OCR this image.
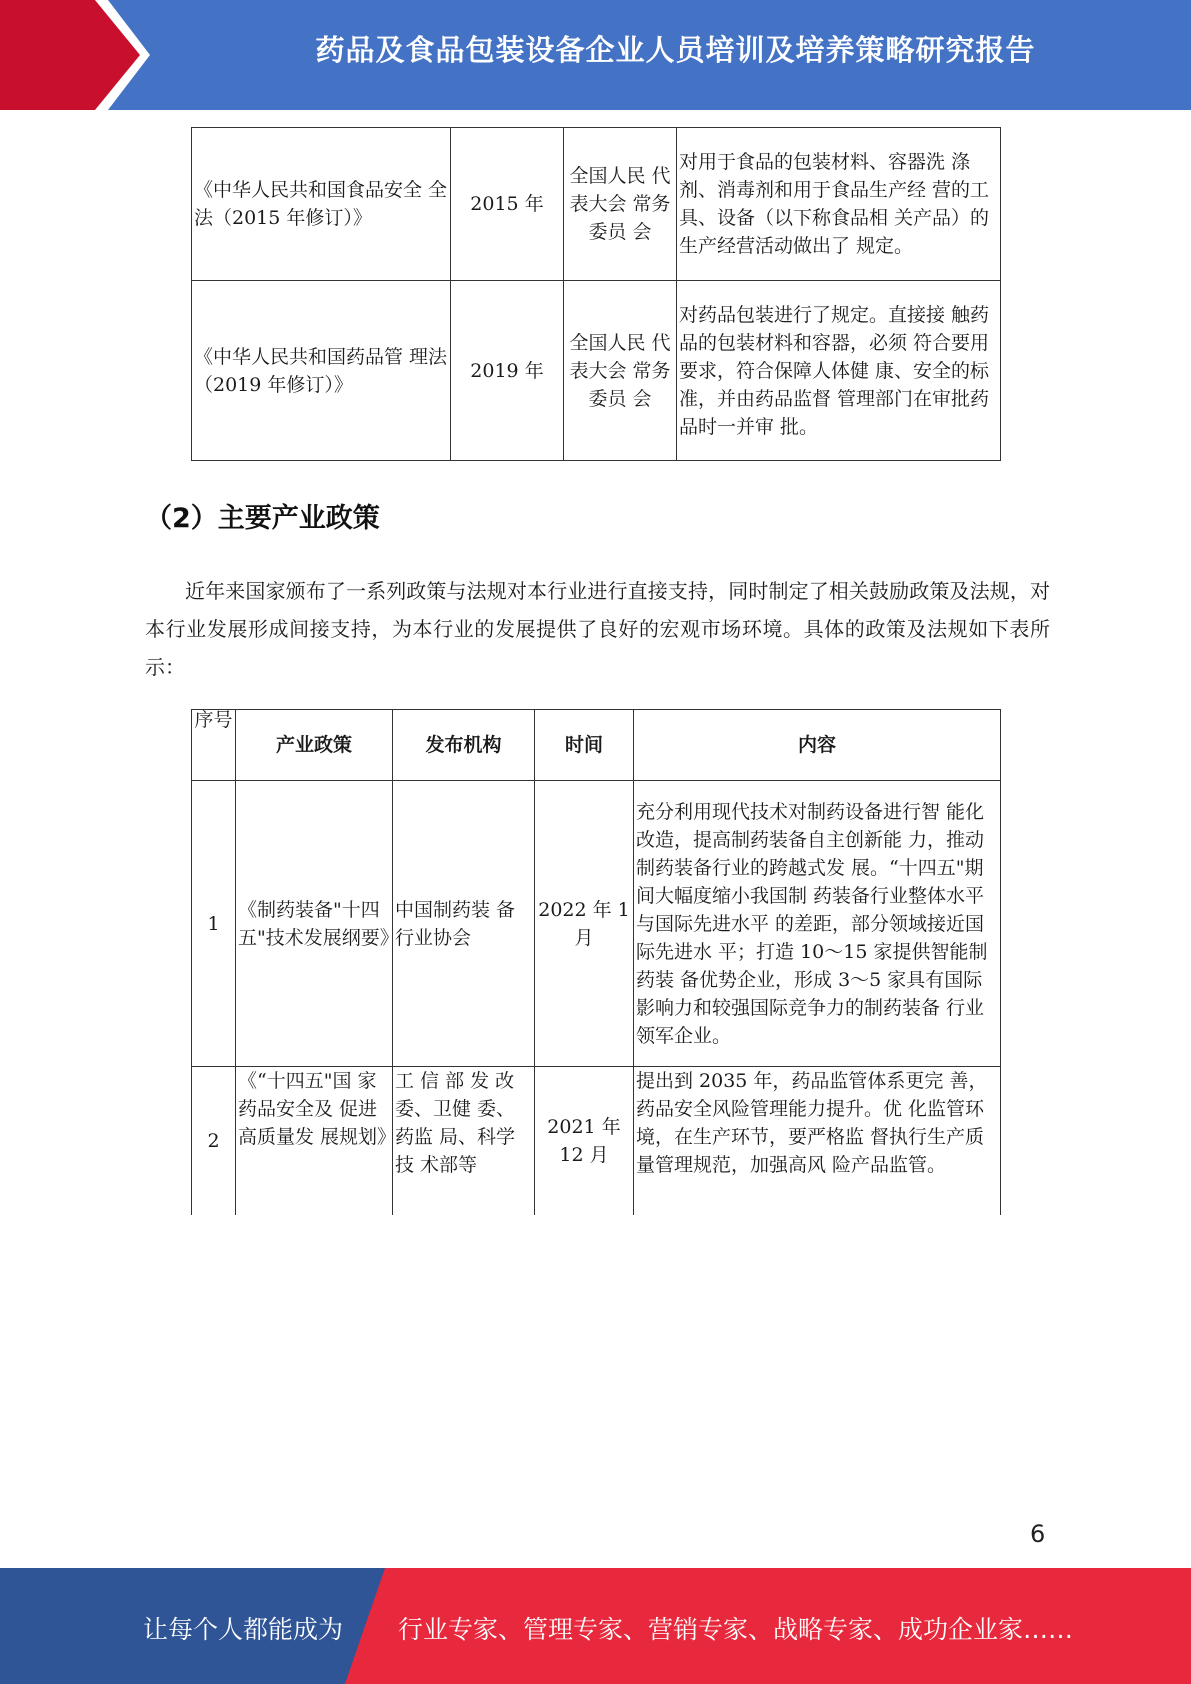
药品及食品包装设备企业人员培训及培养策略研究报告
《中华人民共和国食品安全 全法（2015 年修订）》	2015 年	全国人民 代表大会 常务委员 会	对用于食品的包装材料、容器洗 涤剂、消毒剂和用于食品生产经 营的工具、设备（以下称食品相 关产品）的生产经营活动做出了 规定。
《中华人民共和国药品管 理法（2019 年修订）》	2019 年	全国人民 代表大会 常务委员 会	对药品包装进行了规定。直接接 触药品的包装材料和容器，必须 符合要用要求，符合保障人体健 康、安全的标准，并由药品监督 管理部门在审批药品时一并审 批。
（2）主要产业政策
近年来国家颁布了一系列政策与法规对本行业进行直接支持，同时制定了相关鼓励政策及法规，对本行业发展形成间接支持，为本行业的发展提供了良好的宏观市场环境。具体的政策及法规如下表所示：
序号	产业政策	发布机构	时间	内容
1	《制药装备"十四五"技术发展纲要》	中国制药装 备行业协会	2022 年 1 月	充分利用现代技术对制药设备进行智 能化改造，提高制药装备自主创新能 力，推动制药装备行业的跨越式发 展。“十四五"期间大幅度缩小我国制 药装备行业整体水平与国际先进水平 的差距，部分领域接近国际先进水 平；打造 10～15 家提供智能制药装 备优势企业，形成 3～5 家具有国际 影响力和较强国际竞争力的制药装备 行业领军企业。
2	《“十四五"国 家药品安全及 促进高质量发 展规划》	工 信 部 发 改委、卫健 委、药监 局、科学技 术部等	2021 年 12 月	提出到 2035 年，药品监管体系更完 善，药品安全风险管理能力提升。优 化监管环境，在生产环节，要严格监 督执行生产质量管理规范，加强高风 险产品监管。
6
让每个人都能成为 行业专家、管理专家、营销专家、战略专家、成功企业家……
